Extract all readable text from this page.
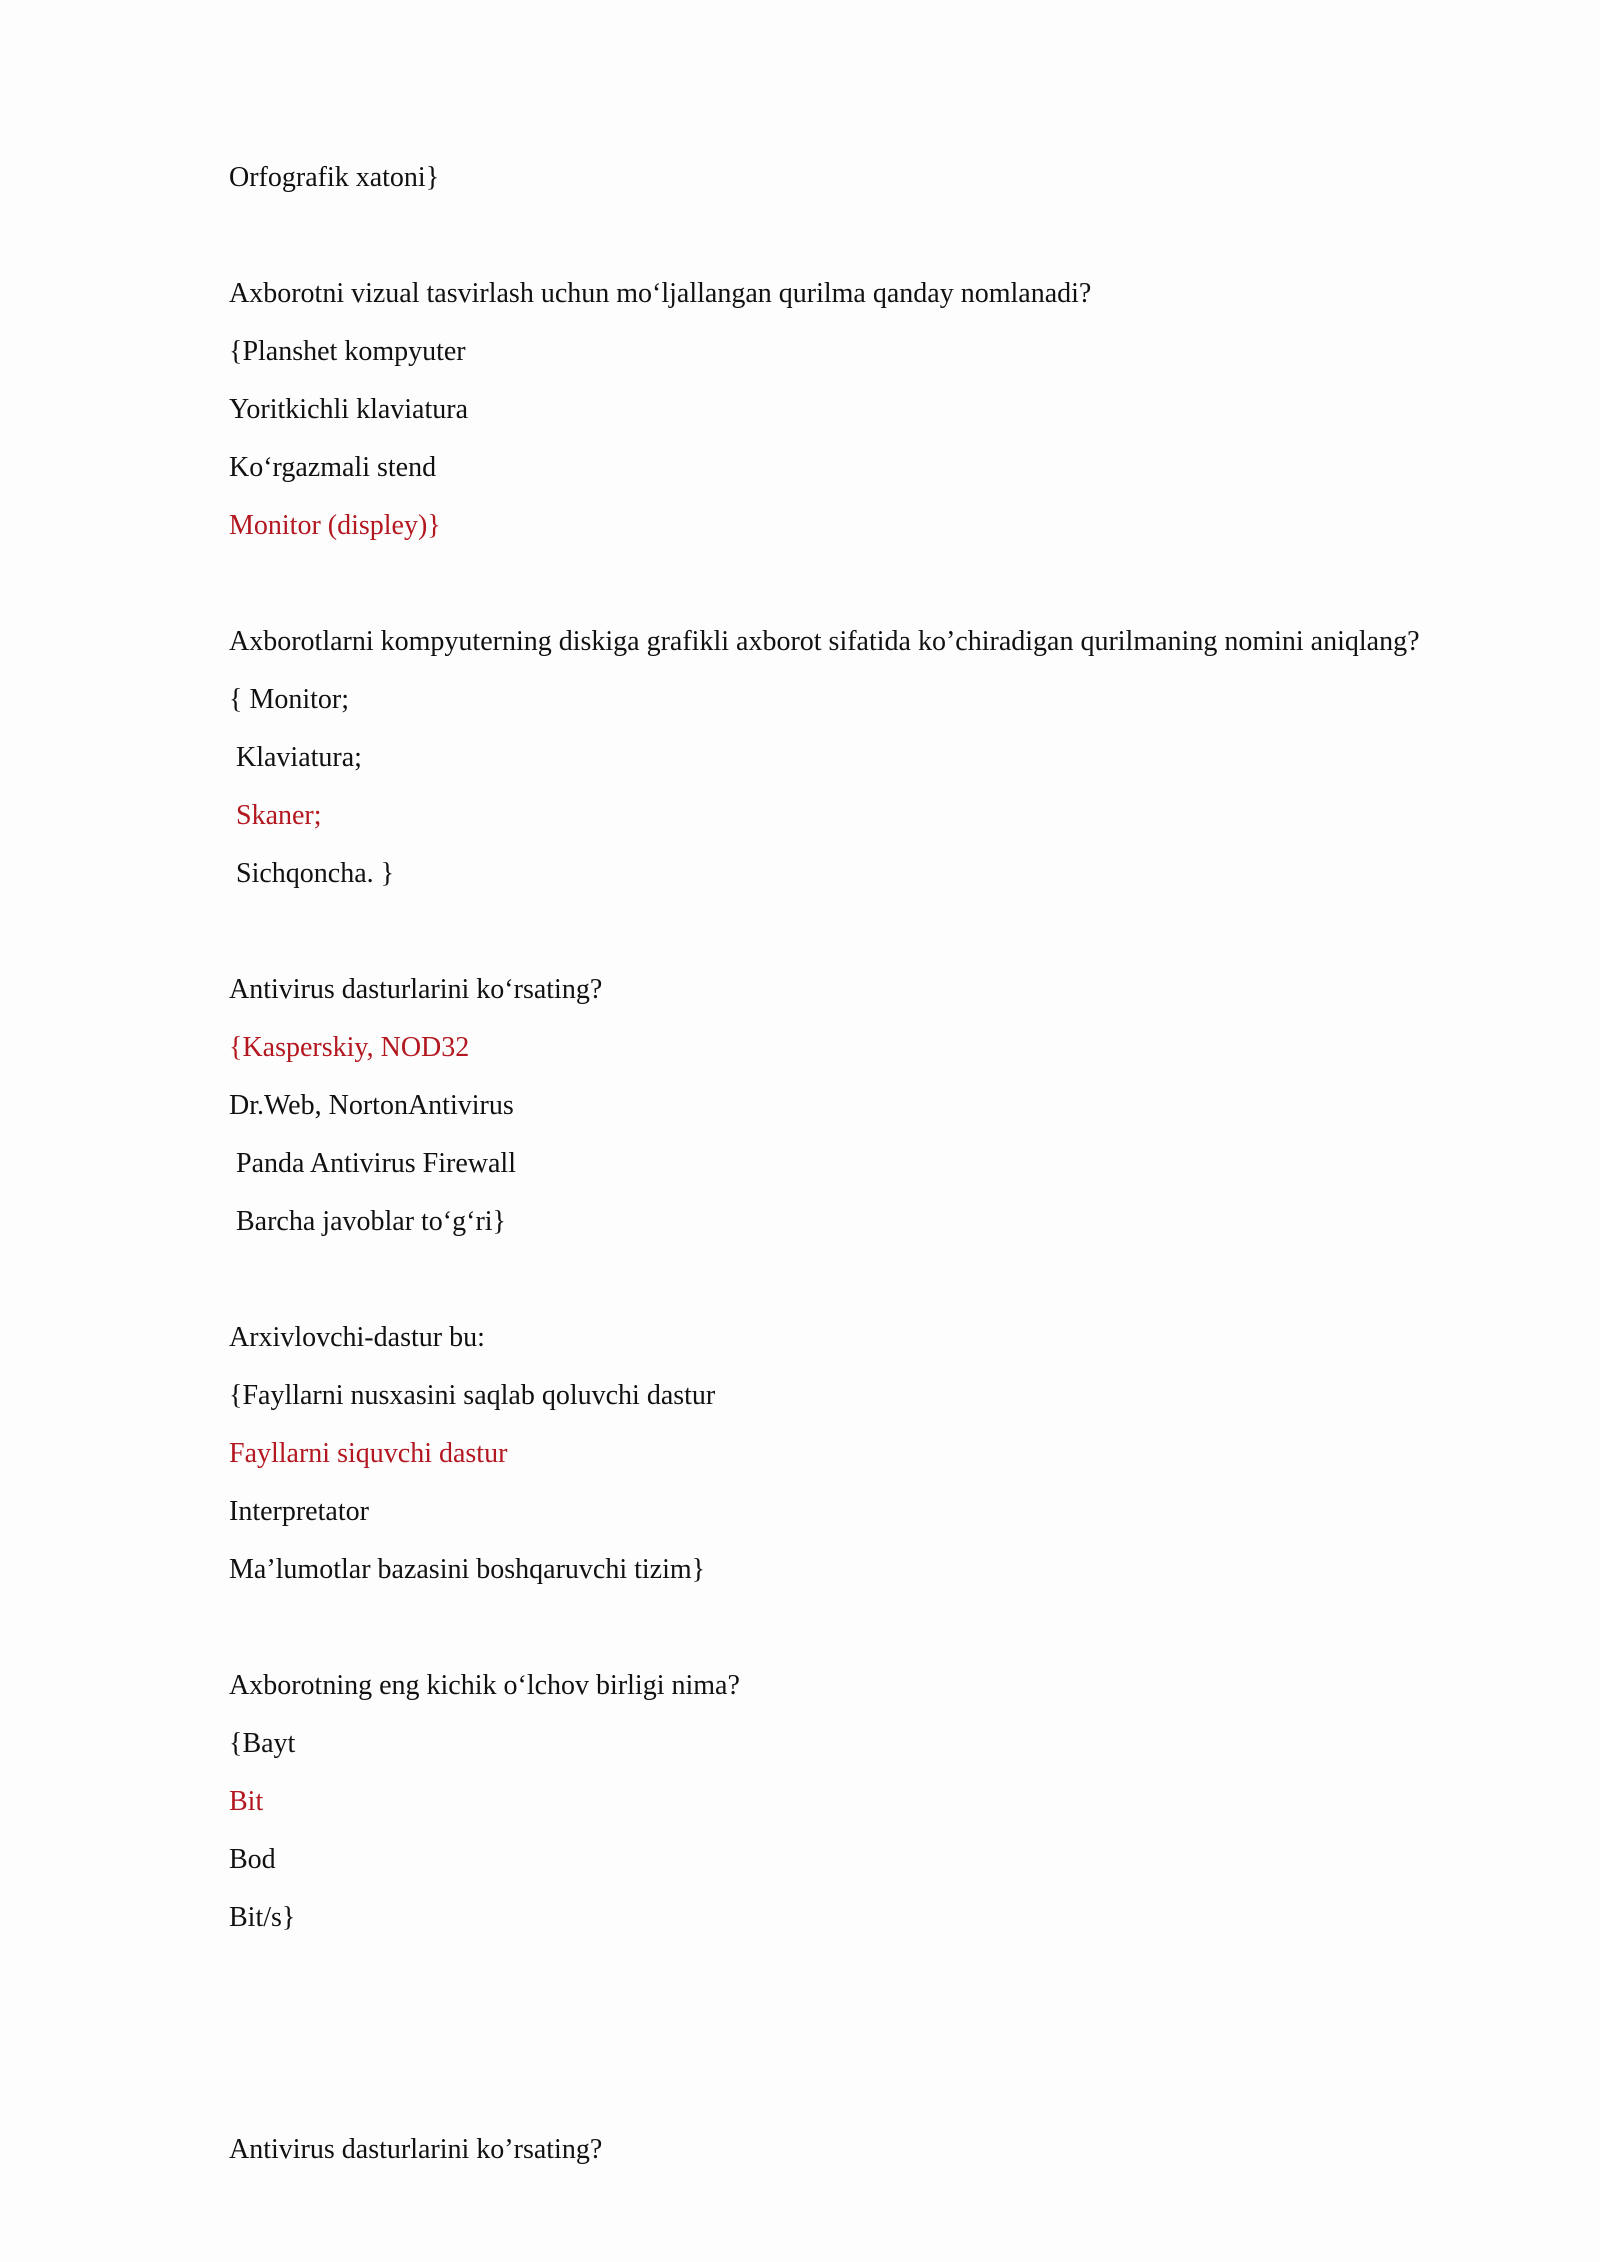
Orfografik xatoni}
Axborotni vizual tasvirlash uchun mo‘ljallangan qurilma qanday nomlanadi?
{Planshet kompyuter
Yoritkichli klaviatura
Ko‘rgazmali stend
Monitor (displey)}
Axborotlarni kompyuterning diskiga grafikli axborot sifatida ko’chiradigan qurilmaning nomini aniqlang?
{ Monitor;
Klaviatura;
Skaner;
Sichqoncha. }
Antivirus dasturlarini ko‘rsating?
{Kasperskiy, NOD32
Dr.Web, NortonAntivirus
Panda Antivirus Firewall
Barcha javoblar to‘g‘ri}
Arxivlovchi-dastur bu:
{Fayllarni nusxasini saqlab qoluvchi dastur
Fayllarni siquvchi dastur
Interpretator
Ma’lumotlar bazasini boshqaruvchi tizim}
Axborotning eng kichik o‘lchov birligi nima?
{Bayt
Bit
Bod
Bit/s}
Antivirus dasturlarini ko’rsating?
